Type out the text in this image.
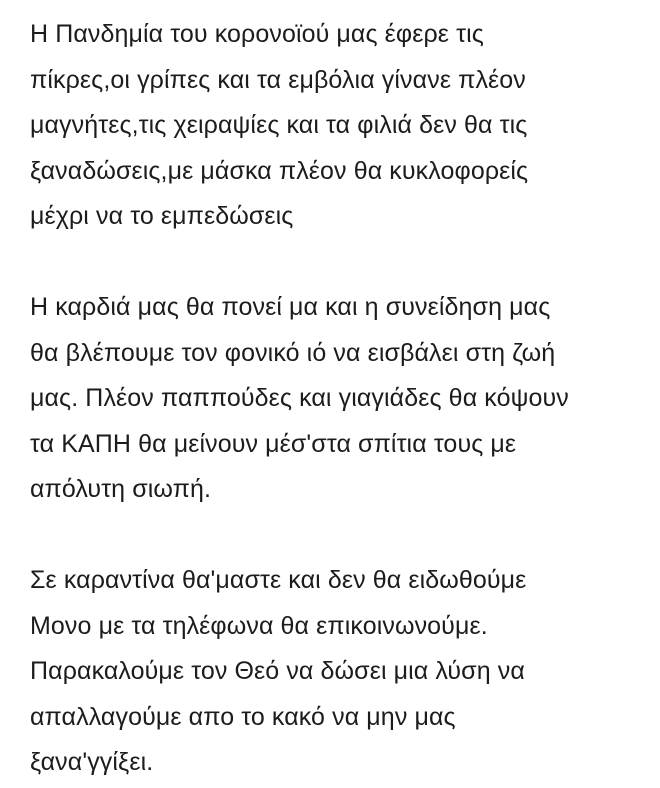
Η Πανδημία του κορονοϊού μας έφερε τις
πίκρες,οι γρίπες και τα εμβόλια γίνανε πλέον
μαγνήτες,τις χειραψίες και τα φιλιά δεν θα τις
ξαναδώσεις,με μάσκα πλέον θα κυκλοφορείς
μέχρι να το εμπεδώσεις
Η καρδιά μας θα πονεί μα και η συνείδηση μας
θα βλέπουμε τον φονικό ιό να εισβάλει στη ζωή
μας. Πλέον παππούδες και γιαγιάδες θα κόψουν
τα ΚΑΠΗ θα μείνουν μέσ'στα σπίτια τους με
απόλυτη σιωπή.
Σε καραντίνα θα'μαστε και δεν θα ειδωθούμε
Μονο με τα τηλέφωνα θα επικοινωνούμε.
Παρακαλούμε τον Θεό να δώσει μια λύση να
απαλλαγούμε απο το κακό να μην μας
ξανα'γγίξει.
